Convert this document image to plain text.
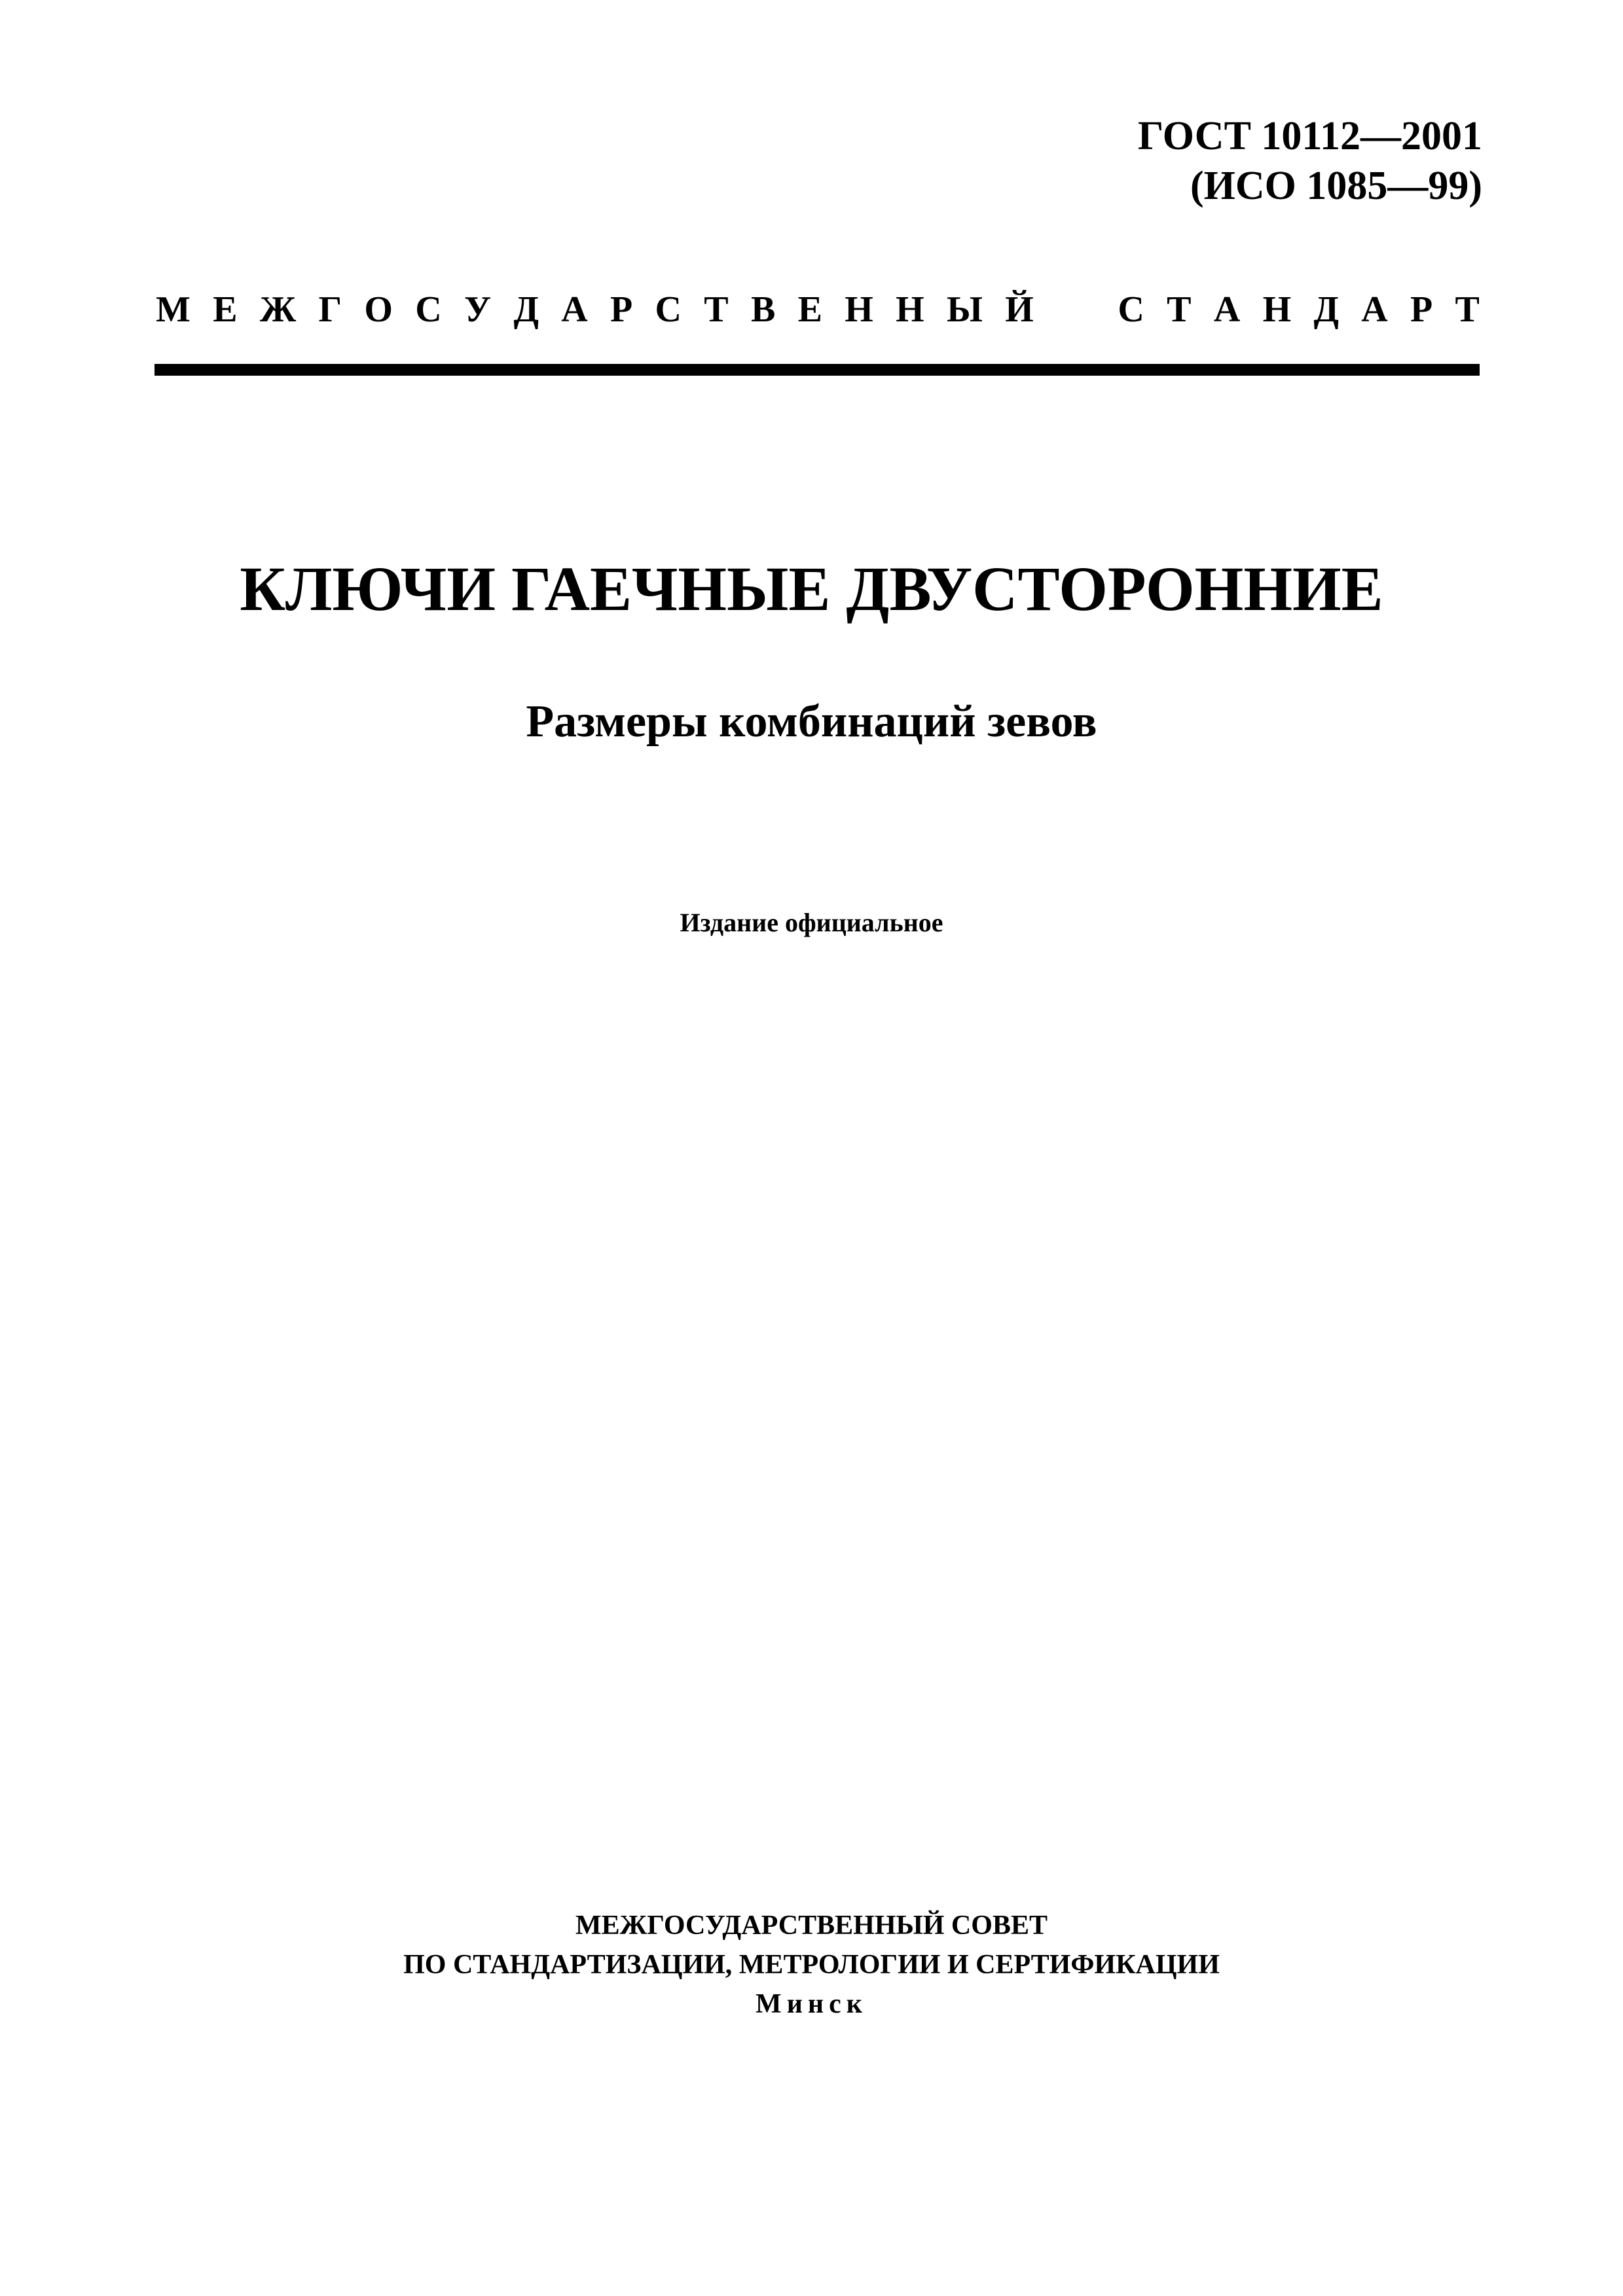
ГОСТ 10112—2001
(ИСО 1085—99)
М Е Ж Г О С У Д А Р С Т В Е Н Н Ы Й С Т А Н Д А Р Т
КЛЮЧИ ГАЕЧНЫЕ ДВУСТОРОННИЕ
Размеры комбинаций зевов
Издание официальное
МЕЖГОСУДАРСТВЕННЫЙ СОВЕТ
ПО СТАНДАРТИЗАЦИИ, МЕТРОЛОГИИ И СЕРТИФИКАЦИИ
Минск
